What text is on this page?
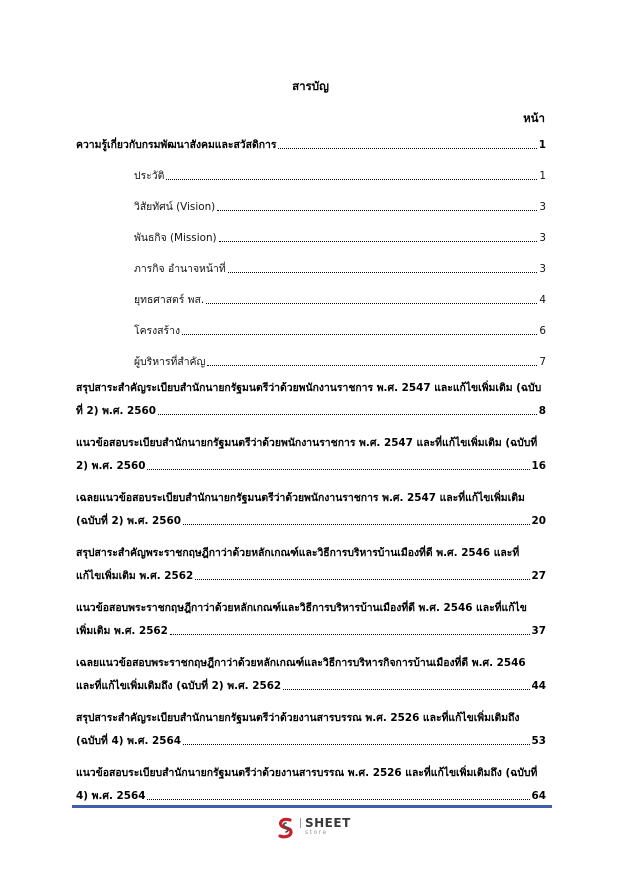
สารบัญ
หน้า
ความรู้เกี่ยวกับกรมพัฒนาสังคมและสวัสดิการ	1
ประวัติ	1
วิสัยทัศน์ (Vision)	3
พันธกิจ (Mission)	3
ภารกิจ อำนาจหน้าที่	3
ยุทธศาสตร์ พส.	4
โครงสร้าง	6
ผู้บริหารที่สำคัญ	7
สรุปสาระสำคัญระเบียบสำนักนายกรัฐมนตรีว่าด้วยพนักงานราชการ พ.ศ. 2547 และแก้ไขเพิ่มเติม (ฉบับ
ที่ 2) พ.ศ. 2560	8
แนวข้อสอบระเบียบสำนักนายกรัฐมนตรีว่าด้วยพนักงานราชการ พ.ศ. 2547 และที่แก้ไขเพิ่มเติม (ฉบับที่
2) พ.ศ. 2560	16
เฉลยแนวข้อสอบระเบียบสำนักนายกรัฐมนตรีว่าด้วยพนักงานราชการ พ.ศ. 2547 และที่แก้ไขเพิ่มเติม
(ฉบับที่ 2) พ.ศ. 2560	20
สรุปสาระสำคัญพระราชกฤษฎีกาว่าด้วยหลักเกณฑ์และวิธีการบริหารบ้านเมืองที่ดี พ.ศ. 2546 และที่
แก้ไขเพิ่มเติม พ.ศ. 2562	27
แนวข้อสอบพระราชกฤษฎีกาว่าด้วยหลักเกณฑ์และวิธีการบริหารบ้านเมืองที่ดี พ.ศ. 2546 และที่แก้ไข
เพิ่มเติม พ.ศ. 2562	37
เฉลยแนวข้อสอบพระราชกฤษฎีกาว่าด้วยหลักเกณฑ์และวิธีการบริหารกิจการบ้านเมืองที่ดี พ.ศ. 2546
และที่แก้ไขเพิ่มเติมถึง (ฉบับที่ 2) พ.ศ. 2562	44
สรุปสาระสำคัญระเบียบสำนักนายกรัฐมนตรีว่าด้วยงานสารบรรณ พ.ศ. 2526 และที่แก้ไขเพิ่มเติมถึง
(ฉบับที่ 4) พ.ศ. 2564	53
แนวข้อสอบระเบียบสำนักนายกรัฐมนตรีว่าด้วยงานสารบรรณ พ.ศ. 2526 และที่แก้ไขเพิ่มเติมถึง (ฉบับที่
4) พ.ศ. 2564	64
SHEET
store
